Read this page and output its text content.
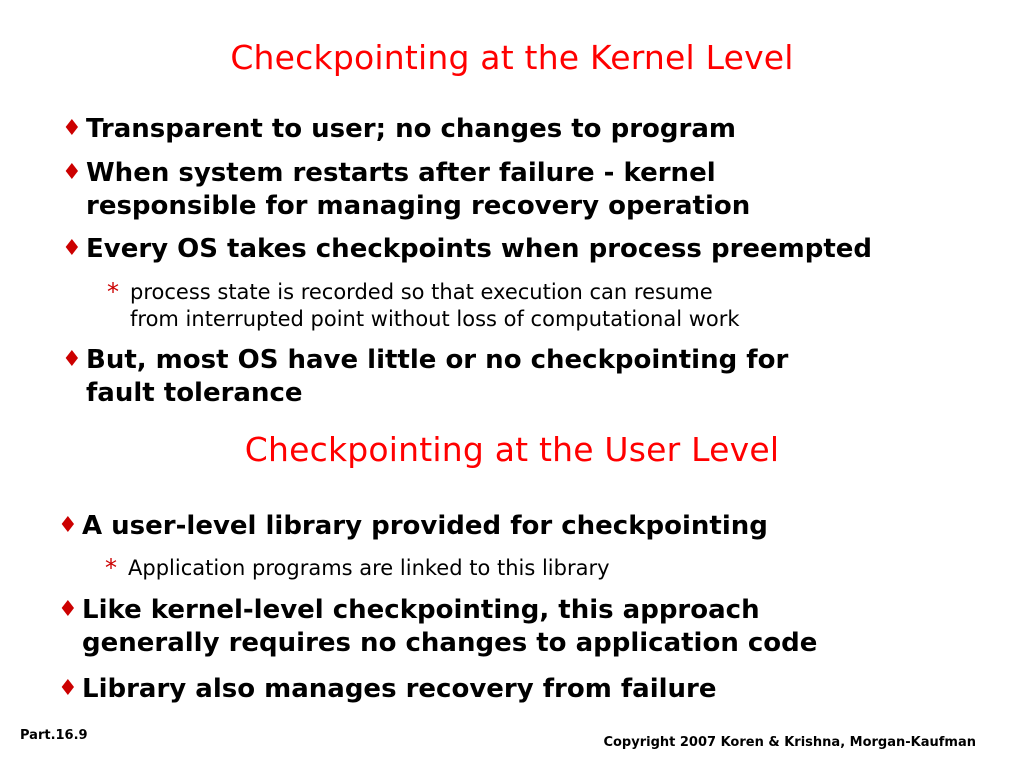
Checkpointing at the Kernel Level
♦ Transparent to user; no changes to program
♦ When system restarts after failure - kernel
responsible for managing recovery operation
♦ Every OS takes checkpoints when process preempted
* process state is recorded so that execution can resume
from interrupted point without loss of computational work
♦ But, most OS have little or no checkpointing for
fault tolerance
Checkpointing at the User Level
♦ A user-level library provided for checkpointing
* Application programs are linked to this library
♦ Like kernel-level checkpointing, this approach
generally requires no changes to application code
♦ Library also manages recovery from failure
Part.16.9	Copyright 2007 Koren & Krishna, Morgan-Kaufman
